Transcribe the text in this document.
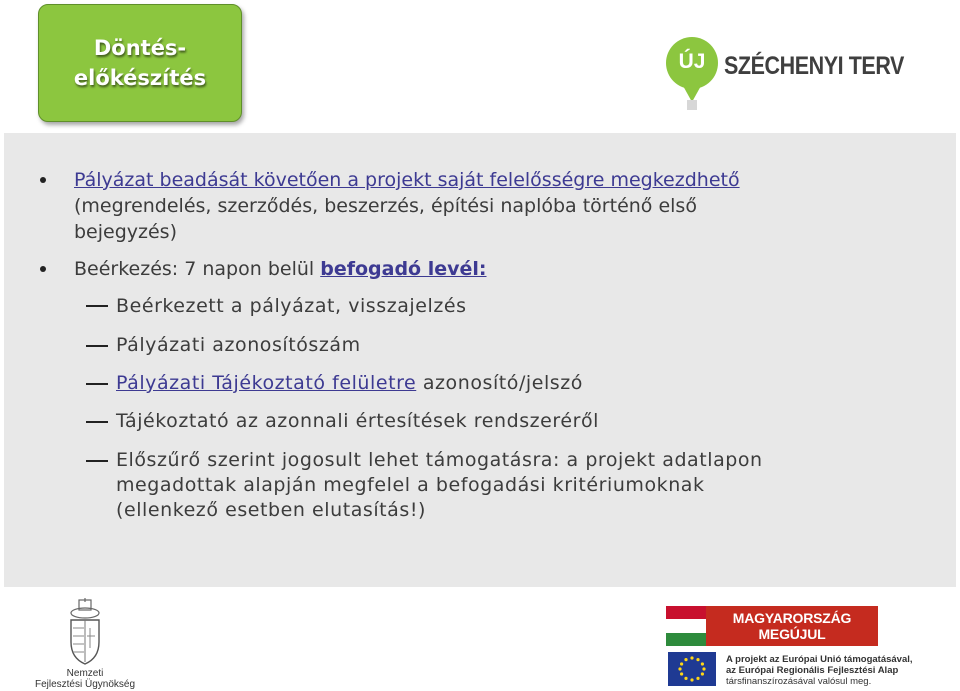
Döntés-
előkészítés
ÚJ SZÉCHENYI TERV
Pályázat beadását követően a projekt saját felelősségre megkezdhető
(megrendelés, szerződés, beszerzés, építési naplóba történő első
bejegyzés)
Beérkezés: 7 napon belül befogadó levél:
Beérkezett a pályázat, visszajelzés
Pályázati azonosítószám
Pályázati Tájékoztató felületre azonosító/jelszó
Tájékoztató az azonnali értesítések rendszeréről
Előszűrő szerint jogosult lehet támogatásra: a projekt adatlapon
megadottak alapján megfelel a befogadási kritériumoknak
(ellenkező esetben elutasítás!)
Nemzeti
Fejlesztési Ügynökség
MAGYARORSZÁG MEGÚJUL
A projekt az Európai Unió támogatásával,
az Európai Regionális Fejlesztési Alap
társfinanszírozásával valósul meg.
